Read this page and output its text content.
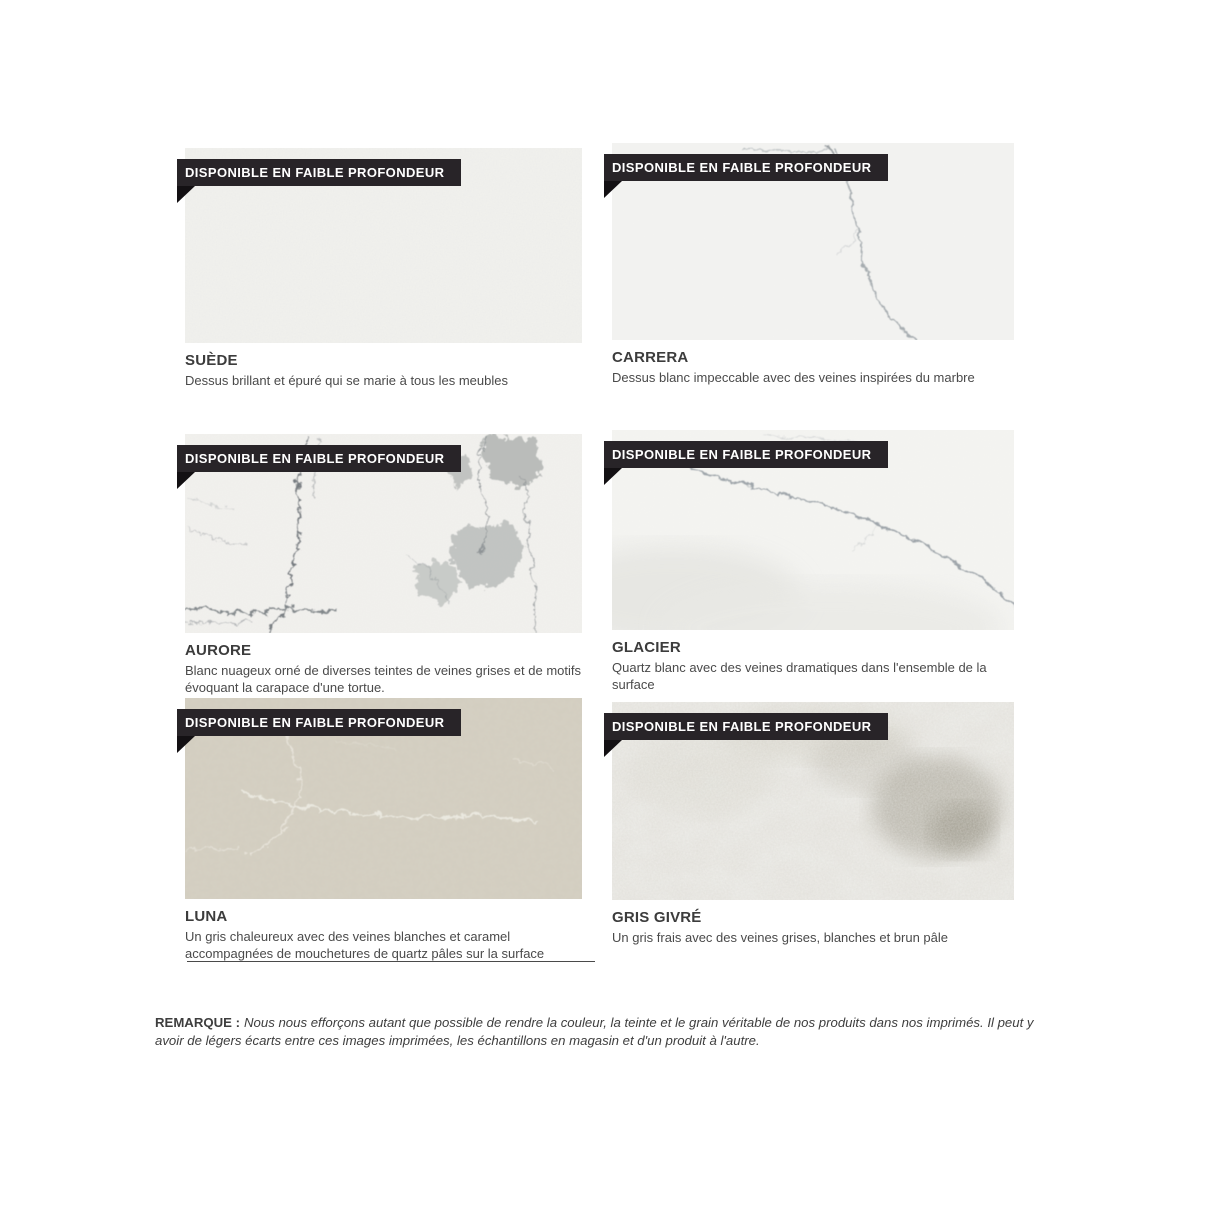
DISPONIBLE EN FAIBLE PROFONDEUR
SUÈDE

Dessus brillant et épuré qui se marie à tous les meubles

DISPONIBLE EN FAIBLE PROFONDEUR
CARRERA

Dessus blanc impeccable avec des veines inspirées du marbre

DISPONIBLE EN FAIBLE PROFONDEUR
AURORE

Blanc nuageux orné de diverses teintes de veines grises et de motifs évoquant la carapace d'une tortue.

DISPONIBLE EN FAIBLE PROFONDEUR
GLACIER

Quartz blanc avec des veines dramatiques dans l'ensemble de la surface

DISPONIBLE EN FAIBLE PROFONDEUR
LUNA

Un gris chaleureux avec des veines blanches et caramel accompagnées de mouchetures de quartz pâles sur la surface

DISPONIBLE EN FAIBLE PROFONDEUR
GRIS GIVRÉ

Un gris frais avec des veines grises, blanches et brun pâle

REMARQUE : Nous nous efforçons autant que possible de rendre la couleur, la teinte et le grain véritable de nos produits dans nos imprimés. Il peut y avoir de légers écarts entre ces images imprimées, les échantillons en magasin et d'un produit à l'autre.
